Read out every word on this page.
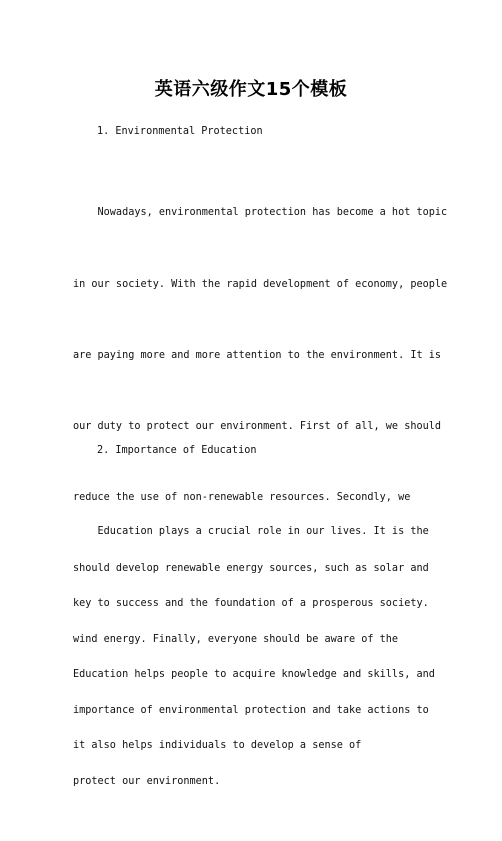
英语六级作文15个模板
1. Environmental Protection

Nowadays, environmental protection has become a hot topic

in our society. With the rapid development of economy, people

are paying more and more attention to the environment. It is

our duty to protect our environment. First of all, we should

reduce the use of non-renewable resources. Secondly, we

should develop renewable energy sources, such as solar and

wind energy. Finally, everyone should be aware of the

importance of environmental protection and take actions to

protect our environment.

2. Importance of Education

Education plays a crucial role in our lives. It is the

key to success and the foundation of a prosperous society.

Education helps people to acquire knowledge and skills, and

it also helps individuals to develop a sense of
